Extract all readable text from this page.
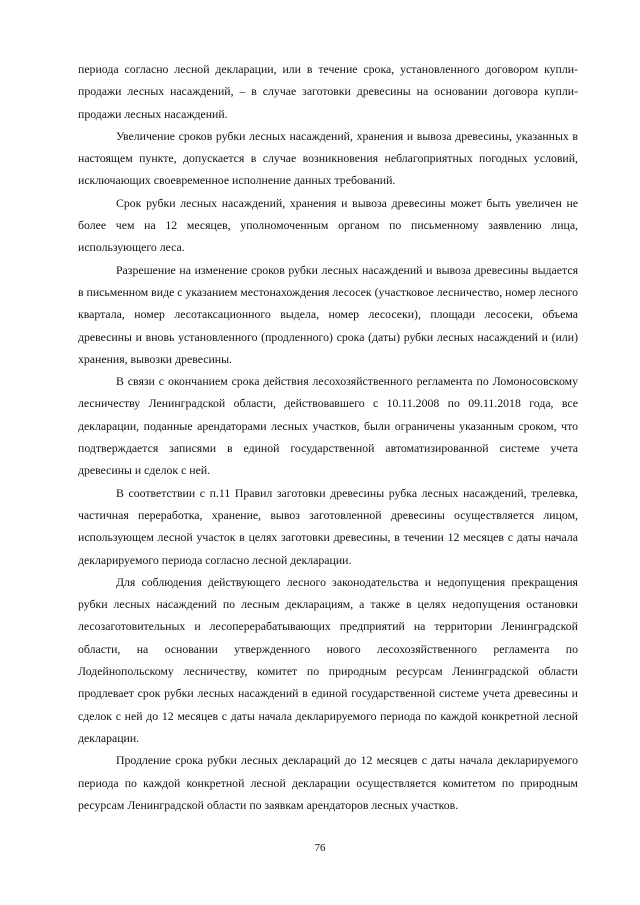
периода согласно лесной декларации, или в течение срока, установленного договором купли-продажи лесных насаждений, – в случае заготовки древесины на основании договора купли-продажи лесных насаждений.

Увеличение сроков рубки лесных насаждений, хранения и вывоза древесины, указанных в настоящем пункте, допускается в случае возникновения неблагоприятных погодных условий, исключающих своевременное исполнение данных требований.

Срок рубки лесных насаждений, хранения и вывоза древесины может быть увеличен не более чем на 12 месяцев, уполномоченным органом по письменному заявлению лица, использующего леса.

Разрешение на изменение сроков рубки лесных насаждений и вывоза древесины выдается в письменном виде с указанием местонахождения лесосек (участковое лесничество, номер лесного квартала, номер лесотаксационного выдела, номер лесосеки), площади лесосеки, объема древесины и вновь установленного (продленного) срока (даты) рубки лесных насаждений и (или) хранения, вывозки древесины.

В связи с окончанием срока действия лесохозяйственного регламента по Ломоносовскому лесничеству Ленинградской области, действовавшего с 10.11.2008 по 09.11.2018 года, все декларации, поданные арендаторами лесных участков, были ограничены указанным сроком, что подтверждается записями в единой государственной автоматизированной системе учета древесины и сделок с ней.

В соответствии с п.11 Правил заготовки древесины рубка лесных насаждений, трелевка, частичная переработка, хранение, вывоз заготовленной древесины осуществляется лицом, использующем лесной участок в целях заготовки древесины, в течении 12 месяцев с даты начала декларируемого периода согласно лесной декларации.

Для соблюдения действующего лесного законодательства и недопущения прекращения рубки лесных насаждений по лесным декларациям, а также в целях недопущения остановки лесозаготовительных и лесоперерабатывающих предприятий на территории Ленинградской области, на основании утвержденного нового лесохозяйственного регламента по Лодейнопольскому лесничеству, комитет по природным ресурсам Ленинградской области продлевает срок рубки лесных насаждений в единой государственной системе учета древесины и сделок с ней до 12 месяцев с даты начала декларируемого периода по каждой конкретной лесной декларации.

Продление срока рубки лесных деклараций до 12 месяцев с даты начала декларируемого периода по каждой конкретной лесной декларации осуществляется комитетом по природным ресурсам Ленинградской области по заявкам арендаторов лесных участков.

76
